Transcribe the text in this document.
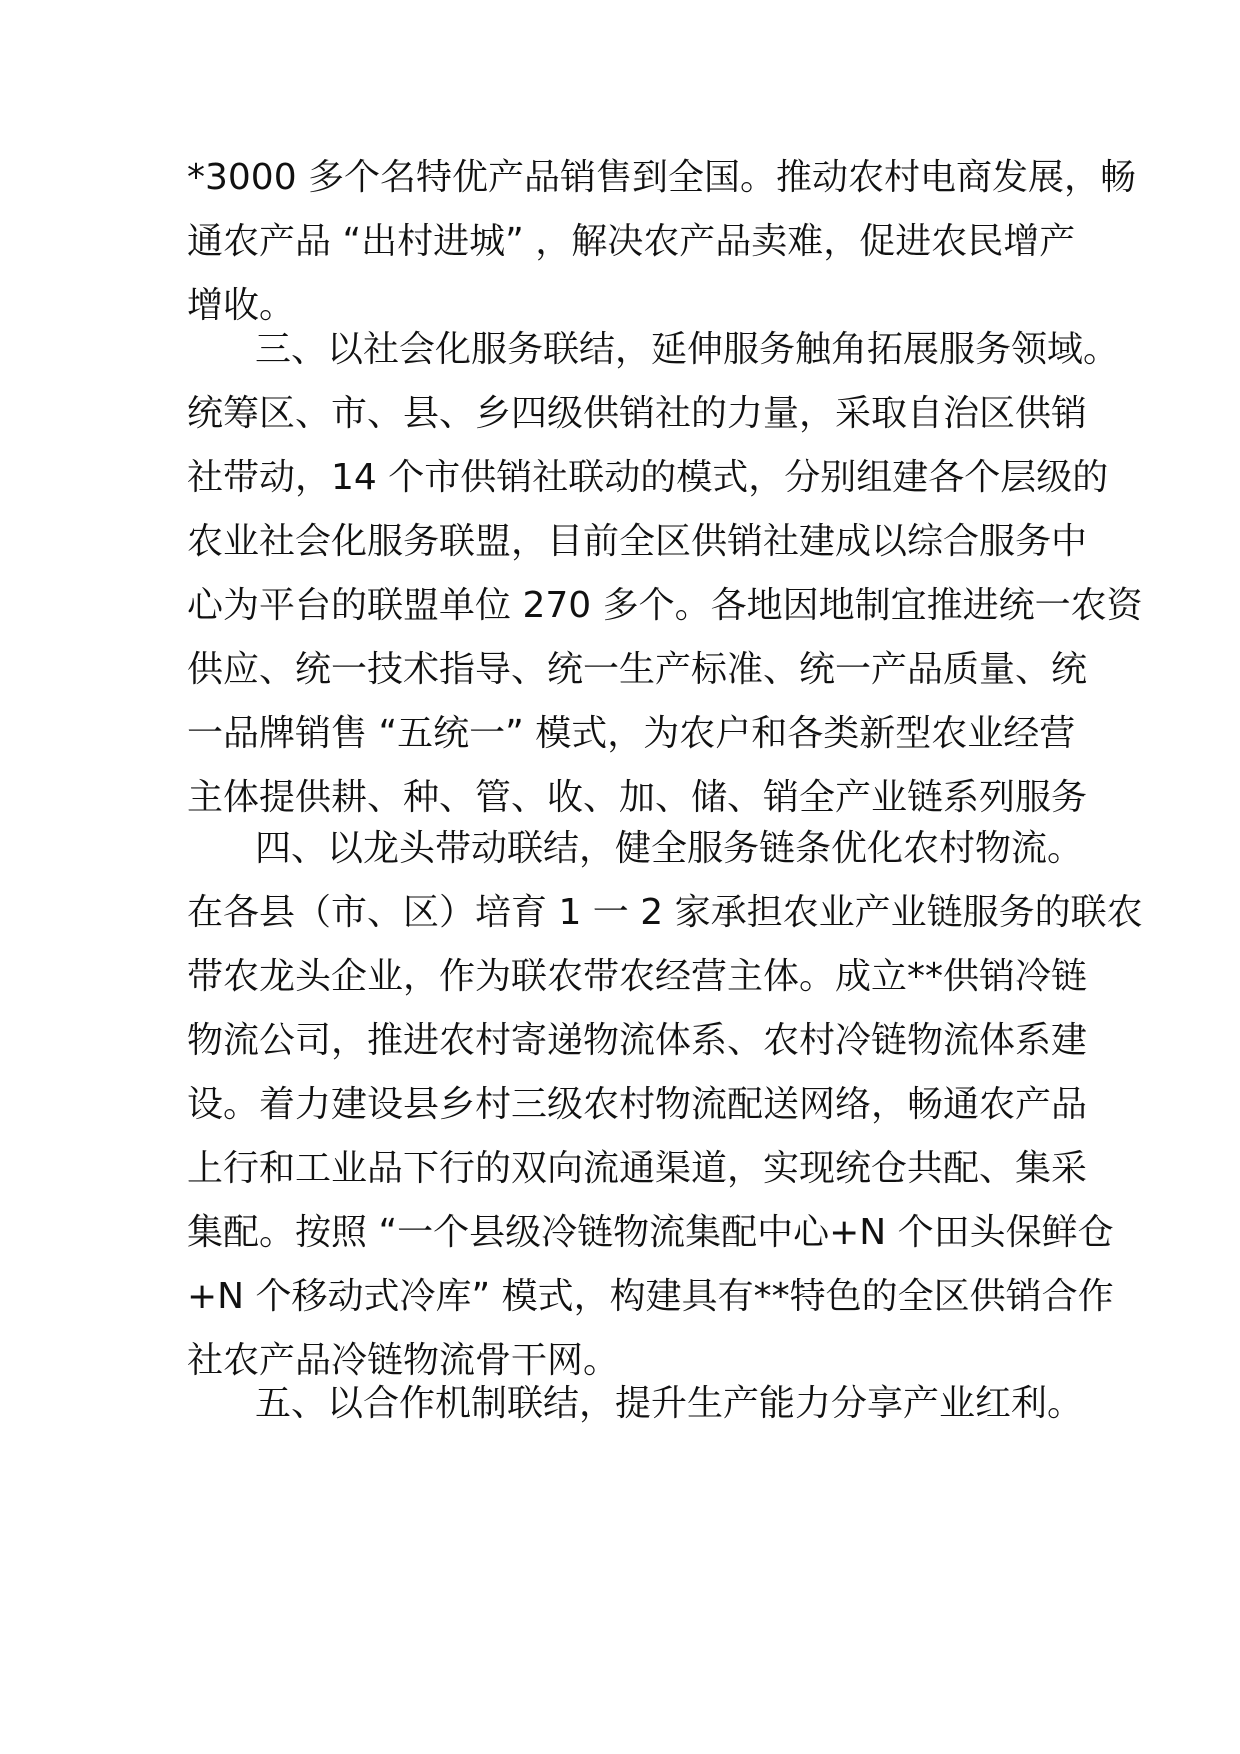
*3000 多个名特优产品销售到全国。推动农村电商发展，畅
通农产品 “出村进城” ，解决农产品卖难，促进农民增产
增收。
三、以社会化服务联结，延伸服务触角拓展服务领域。
统筹区、市、县、乡四级供销社的力量，采取自治区供销
社带动，14 个市供销社联动的模式，分别组建各个层级的
农业社会化服务联盟，目前全区供销社建成以综合服务中
心为平台的联盟单位 270 多个。各地因地制宜推进统一农资
供应、统一技术指导、统一生产标准、统一产品质量、统
一品牌销售 “五统一” 模式，为农户和各类新型农业经营
主体提供耕、种、管、收、加、储、销全产业链系列服务
四、以龙头带动联结，健全服务链条优化农村物流。
在各县（市、区）培育 1 一 2 家承担农业产业链服务的联农
带农龙头企业，作为联农带农经营主体。成立**供销冷链
物流公司，推进农村寄递物流体系、农村冷链物流体系建
设。着力建设县乡村三级农村物流配送网络，畅通农产品
上行和工业品下行的双向流通渠道，实现统仓共配、集采
集配。按照 “一个县级冷链物流集配中心+N 个田头保鲜仓
+N 个移动式冷库” 模式，构建具有**特色的全区供销合作
社农产品冷链物流骨干网。
五、以合作机制联结，提升生产能力分享产业红利。
